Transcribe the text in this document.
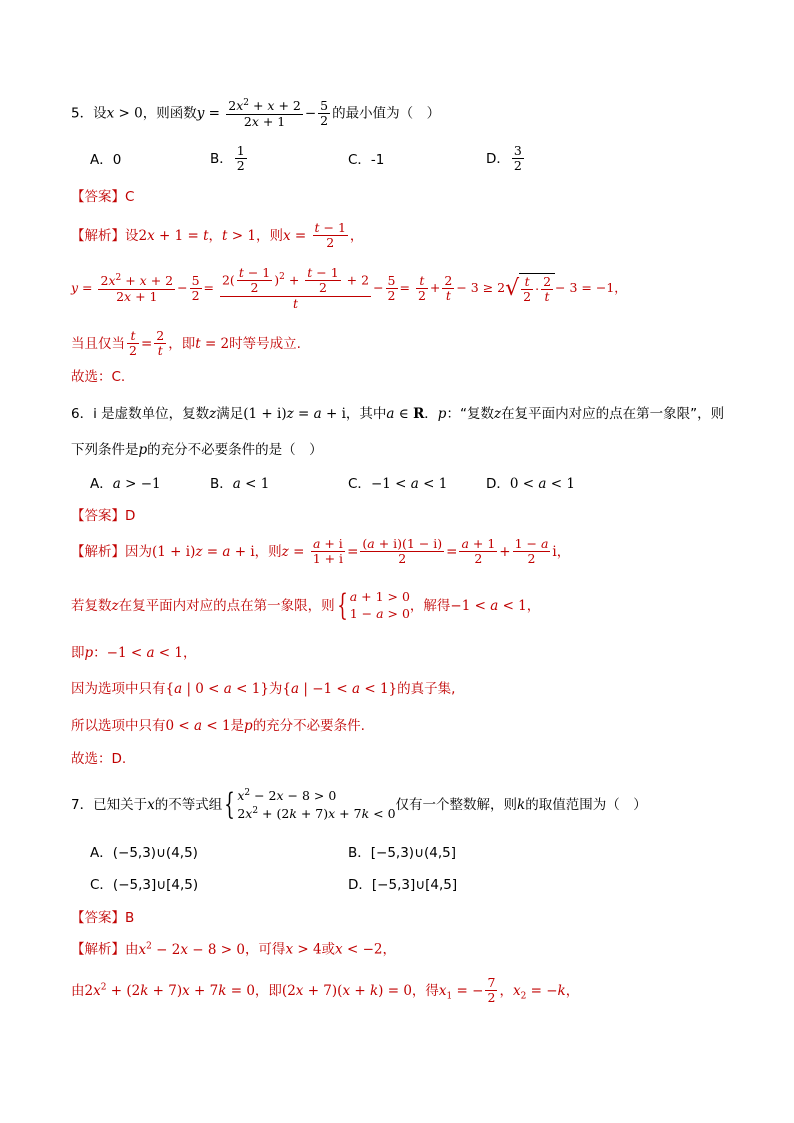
5．设x > 0，则函数$y = \frac{2x^2 + x + 2}{2x + 1} - \frac{5}{2}$ 的最小值为（　）
A．0	B． $\frac{1}{2}$	C．-1	D． $\frac{3}{2}$
【答案】C
【解析】设2x + 1 = t，t > 1，则$x = \frac{t - 1}{2}$ ，
$y = \frac{2x^2 + x + 2}{2x + 1} - \frac{5}{2} = \frac{2( \frac{t - 1}{2} )^2 + \frac{t - 1}{2} + 2}{t} - \frac{5}{2} = \frac{t}{2} + \frac{2}{t} - 3 \ge 2√ \frac{t}{2} \cdot \frac{2}{t} - 3 = -1$，
当且仅当 $\frac{t}{2} = \frac{2}{t}$ ，即t = 2时等号成立.
故选：C.
6．i 是虚数单位，复数z满足(1 + i)z = a + i，其中a ∈ R．p：“复数z在复平面内对应的点在第一象限”，则
下列条件是p的充分不必要条件的是（　）
A．a > −1	B．a < 1	C．−1 < a < 1	D．0 < a < 1
【答案】D
【解析】因为(1 + i)z = a + i，则$z = \frac{a + i}{1 + i} = \frac{(a + i)(1 - i)}{2} = \frac{a + 1}{2} + \frac{1 - a}{2}$ i，
若复数z在复平面内对应的点在第一象限，则{ a + 1 > 0
1 − a > 0 ，解得−1 < a < 1，
即p：−1 < a < 1，
因为选项中只有{a | 0 < a < 1}为{a | −1 < a < 1}的真子集,
所以选项中只有0 < a < 1是p的充分不必要条件.
故选：D.
7．已知关于x的不等式组{ $x^2 - 2x - 8 > 0$
$2x^2 + (2k + 7)x + 7k < 0$
仅有一个整数解，则k的取值范围为（　）
A．(−5,3)∪(4,5)	B．[−5,3)∪(4,5]
C．(−5,3]∪[4,5)	D．[−5,3]∪[4,5]
【答案】B
【解析】由$x^2 - 2x - 8 > 0$，可得x > 4或x < −2，
由$2x^2 + (2k + 7)x + 7k = 0$，即(2x + 7)(x + k) = 0，得$x_1$ = − $\frac{7}{2}$ ，$x_2 = -k$，
